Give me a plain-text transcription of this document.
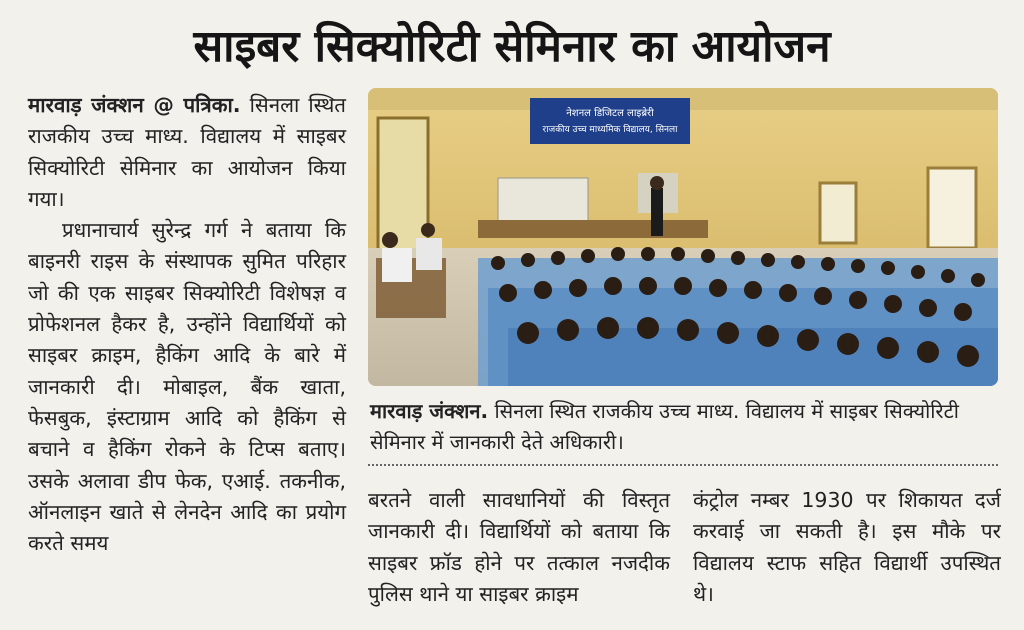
साइबर सिक्योरिटी सेमिनार का आयोजन

मारवाड़ जंक्शन @ पत्रिका. सिनला स्थित राजकीय उच्च माध्य. विद्यालय में साइबर सिक्योरिटी सेमिनार का आयोजन किया गया।

प्रधानाचार्य सुरेन्द्र गर्ग ने बताया कि बाइनरी राइस के संस्थापक सुमित परिहार जो की एक साइबर सिक्योरिटी विशेषज्ञ व प्रोफेशनल हैकर है, उन्होंने विद्यार्थियों को साइबर क्राइम, हैकिंग आदि के बारे में जानकारी दी। मोबाइल, बैंक खाता, फेसबुक, इंस्टाग्राम आदि को हैकिंग से बचाने व हैकिंग रोकने के टिप्स बताए। उसके अलावा डीप फेक, एआई. तकनीक, ऑनलाइन खाते से लेनदेन आदि का प्रयोग करते समय

नेशनल डिजिटल लाइब्रेरी
राजकीय उच्च माध्यमिक विद्यालय, सिनला
मारवाड़ जंक्शन. सिनला स्थित राजकीय उच्च माध्य. विद्यालय में साइबर सिक्योरिटी सेमिनार में जानकारी देते अधिकारी।

बरतने वाली सावधानियों की विस्तृत जानकारी दी। विद्यार्थियों को बताया कि साइबर फ्रॉड होने पर तत्काल नजदीक पुलिस थाने या साइबर क्राइम

कंट्रोल नम्बर 1930 पर शिकायत दर्ज करवाई जा सकती है। इस मौके पर विद्यालय स्टाफ सहित विद्यार्थी उपस्थित थे।
